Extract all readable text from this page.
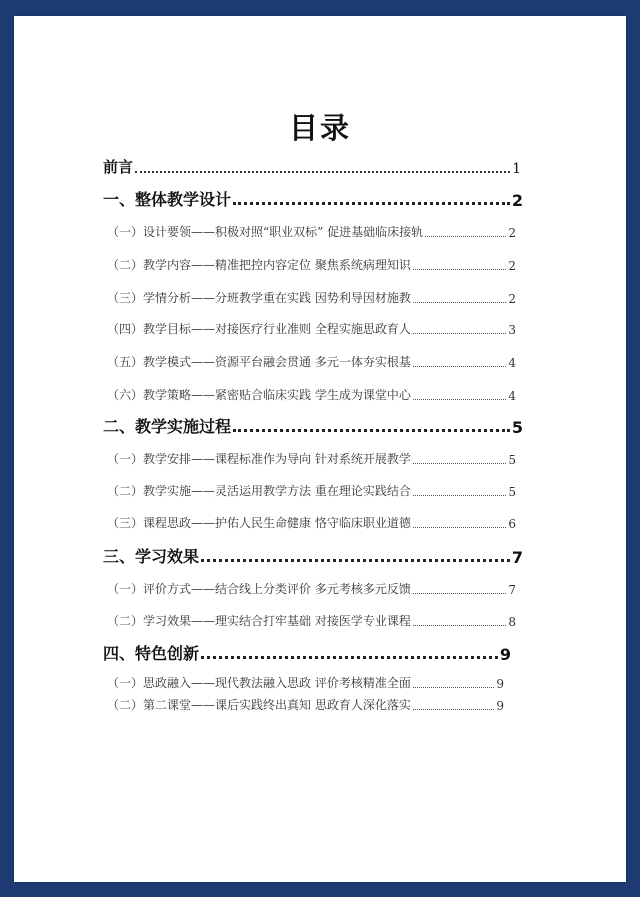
目录
前言	1
一、整体教学设计	2
（一）设计要领——积极对照“职业双标” 促进基础临床接轨	2
（二）教学内容——精准把控内容定位 聚焦系统病理知识	2
（三）学情分析——分班教学重在实践 因势利导因材施教	2
（四）教学目标——对接医疗行业准则 全程实施思政育人	3
（五）教学模式——资源平台融会贯通 多元一体夯实根基	4
（六）教学策略——紧密贴合临床实践 学生成为课堂中心	4
二、教学实施过程	5
（一）教学安排——课程标准作为导向 针对系统开展教学	5
（二）教学实施——灵活运用教学方法 重在理论实践结合	5
（三）课程思政——护佑人民生命健康 恪守临床职业道德	6
三、学习效果	7
（一）评价方式——结合线上分类评价 多元考核多元反馈	7
（二）学习效果——理实结合打牢基础 对接医学专业课程	8
四、特色创新	9
（一）思政融入——现代教法融入思政 评价考核精准全面	9
（二）第二课堂——课后实践终出真知 思政育人深化落实	9
